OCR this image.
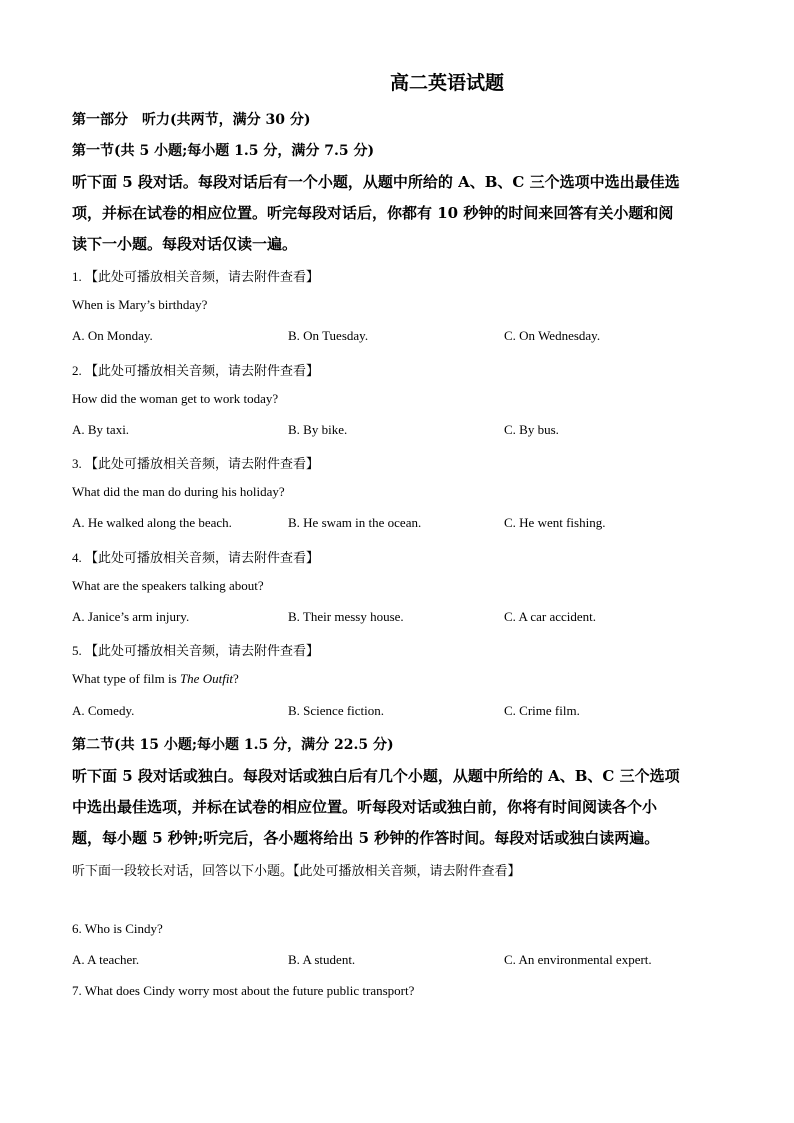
高二英语试题
第一部分　听力(共两节，满分 30 分)
第一节(共 5 小题;每小题 1.5 分，满分 7.5 分)
听下面 5 段对话。每段对话后有一个小题，从题中所给的 A、B、C 三个选项中选出最佳选
项，并标在试卷的相应位置。听完每段对话后，你都有 10 秒钟的时间来回答有关小题和阅
读下一小题。每段对话仅读一遍。
1. 【此处可播放相关音频，请去附件查看】
When is Mary’s birthday?
A. On Monday.	B. On Tuesday.	C. On Wednesday.
2. 【此处可播放相关音频，请去附件查看】
How did the woman get to work today?
A. By taxi.	B. By bike.	C. By bus.
3. 【此处可播放相关音频，请去附件查看】
What did the man do during his holiday?
A. He walked along the beach.	B. He swam in the ocean.	C. He went fishing.
4. 【此处可播放相关音频，请去附件查看】
What are the speakers talking about?
A. Janice’s arm injury.	B. Their messy house.	C. A car accident.
5. 【此处可播放相关音频，请去附件查看】
What type of film is The Outfit?
A. Comedy.	B. Science fiction.	C. Crime film.
第二节(共 15 小题;每小题 1.5 分，满分 22.5 分)
听下面 5 段对话或独白。每段对话或独白后有几个小题，从题中所给的 A、B、C 三个选项
中选出最佳选项，并标在试卷的相应位置。听每段对话或独白前，你将有时间阅读各个小
题，每小题 5 秒钟;听完后，各小题将给出 5 秒钟的作答时间。每段对话或独白读两遍。
听下面一段较长对话，回答以下小题。【此处可播放相关音频，请去附件查看】
6. Who is Cindy?
A. A teacher.	B. A student.	C. An environmental expert.
7. What does Cindy worry most about the future public transport?
